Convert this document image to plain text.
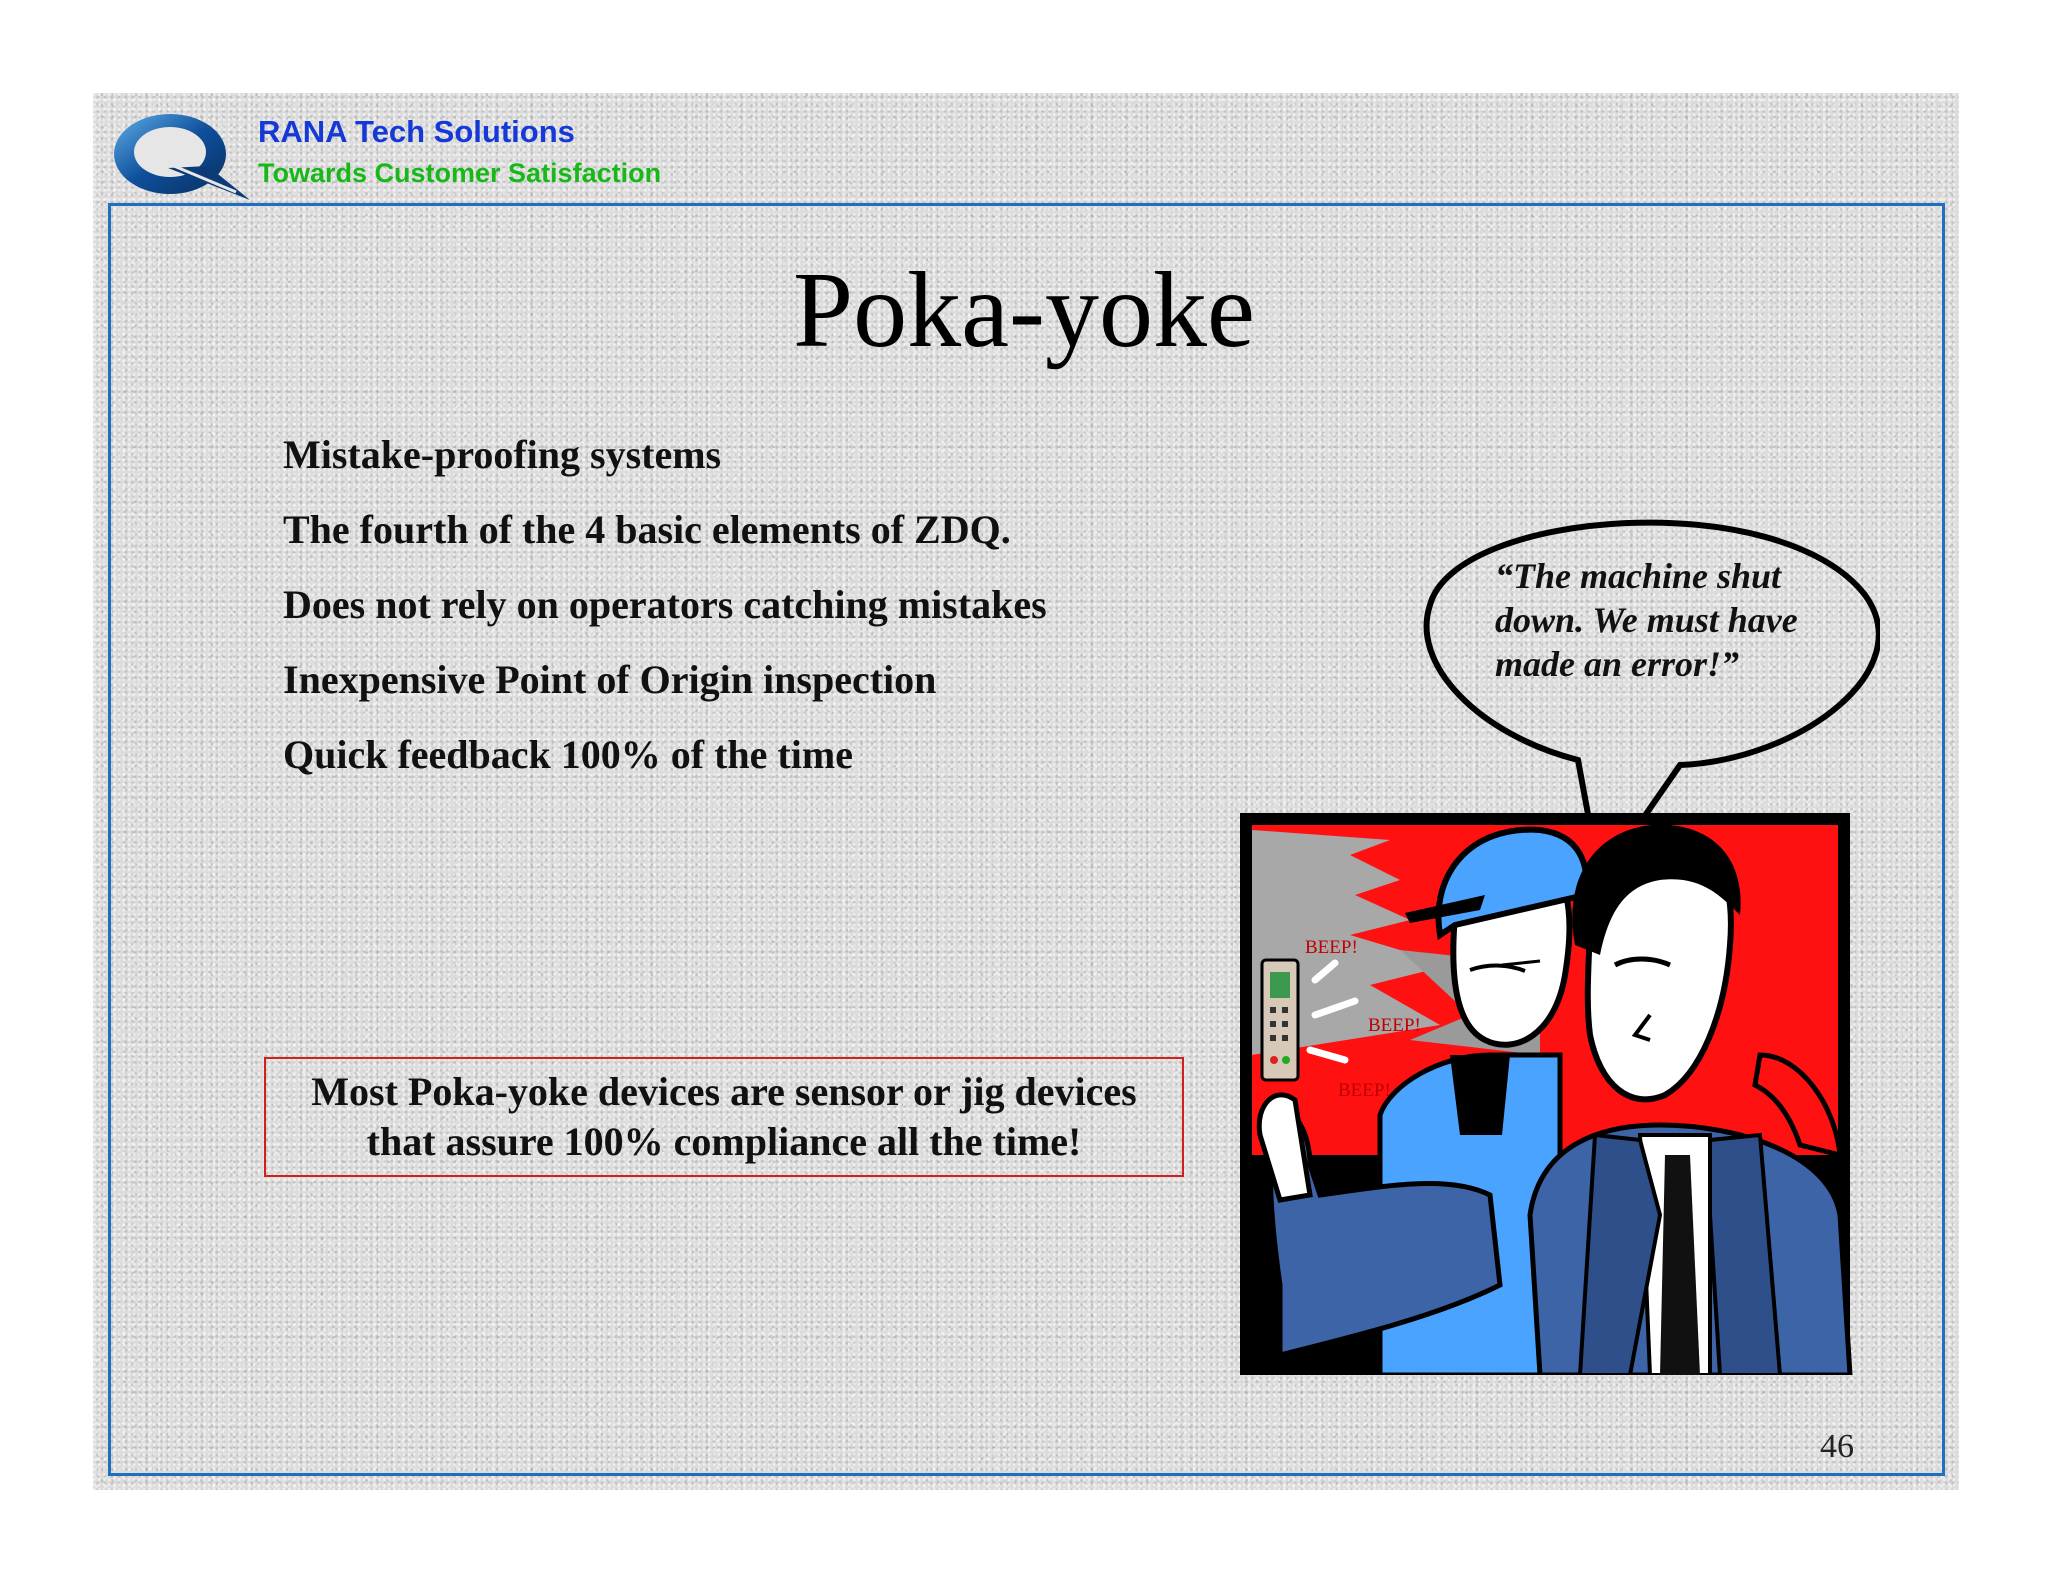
RANA Tech Solutions
Towards Customer Satisfaction
Poka-yoke
Mistake-proofing systems
The fourth of the 4 basic elements of ZDQ.
Does not rely on operators catching mistakes
Inexpensive Point of Origin inspection
Quick feedback 100% of the time
Most Poka-yoke devices are sensor or jig devices
that assure 100% compliance all the time!
“The machine shut
down. We must have
made an error!”
BEEP!
BEEP!
BEEP!
46
